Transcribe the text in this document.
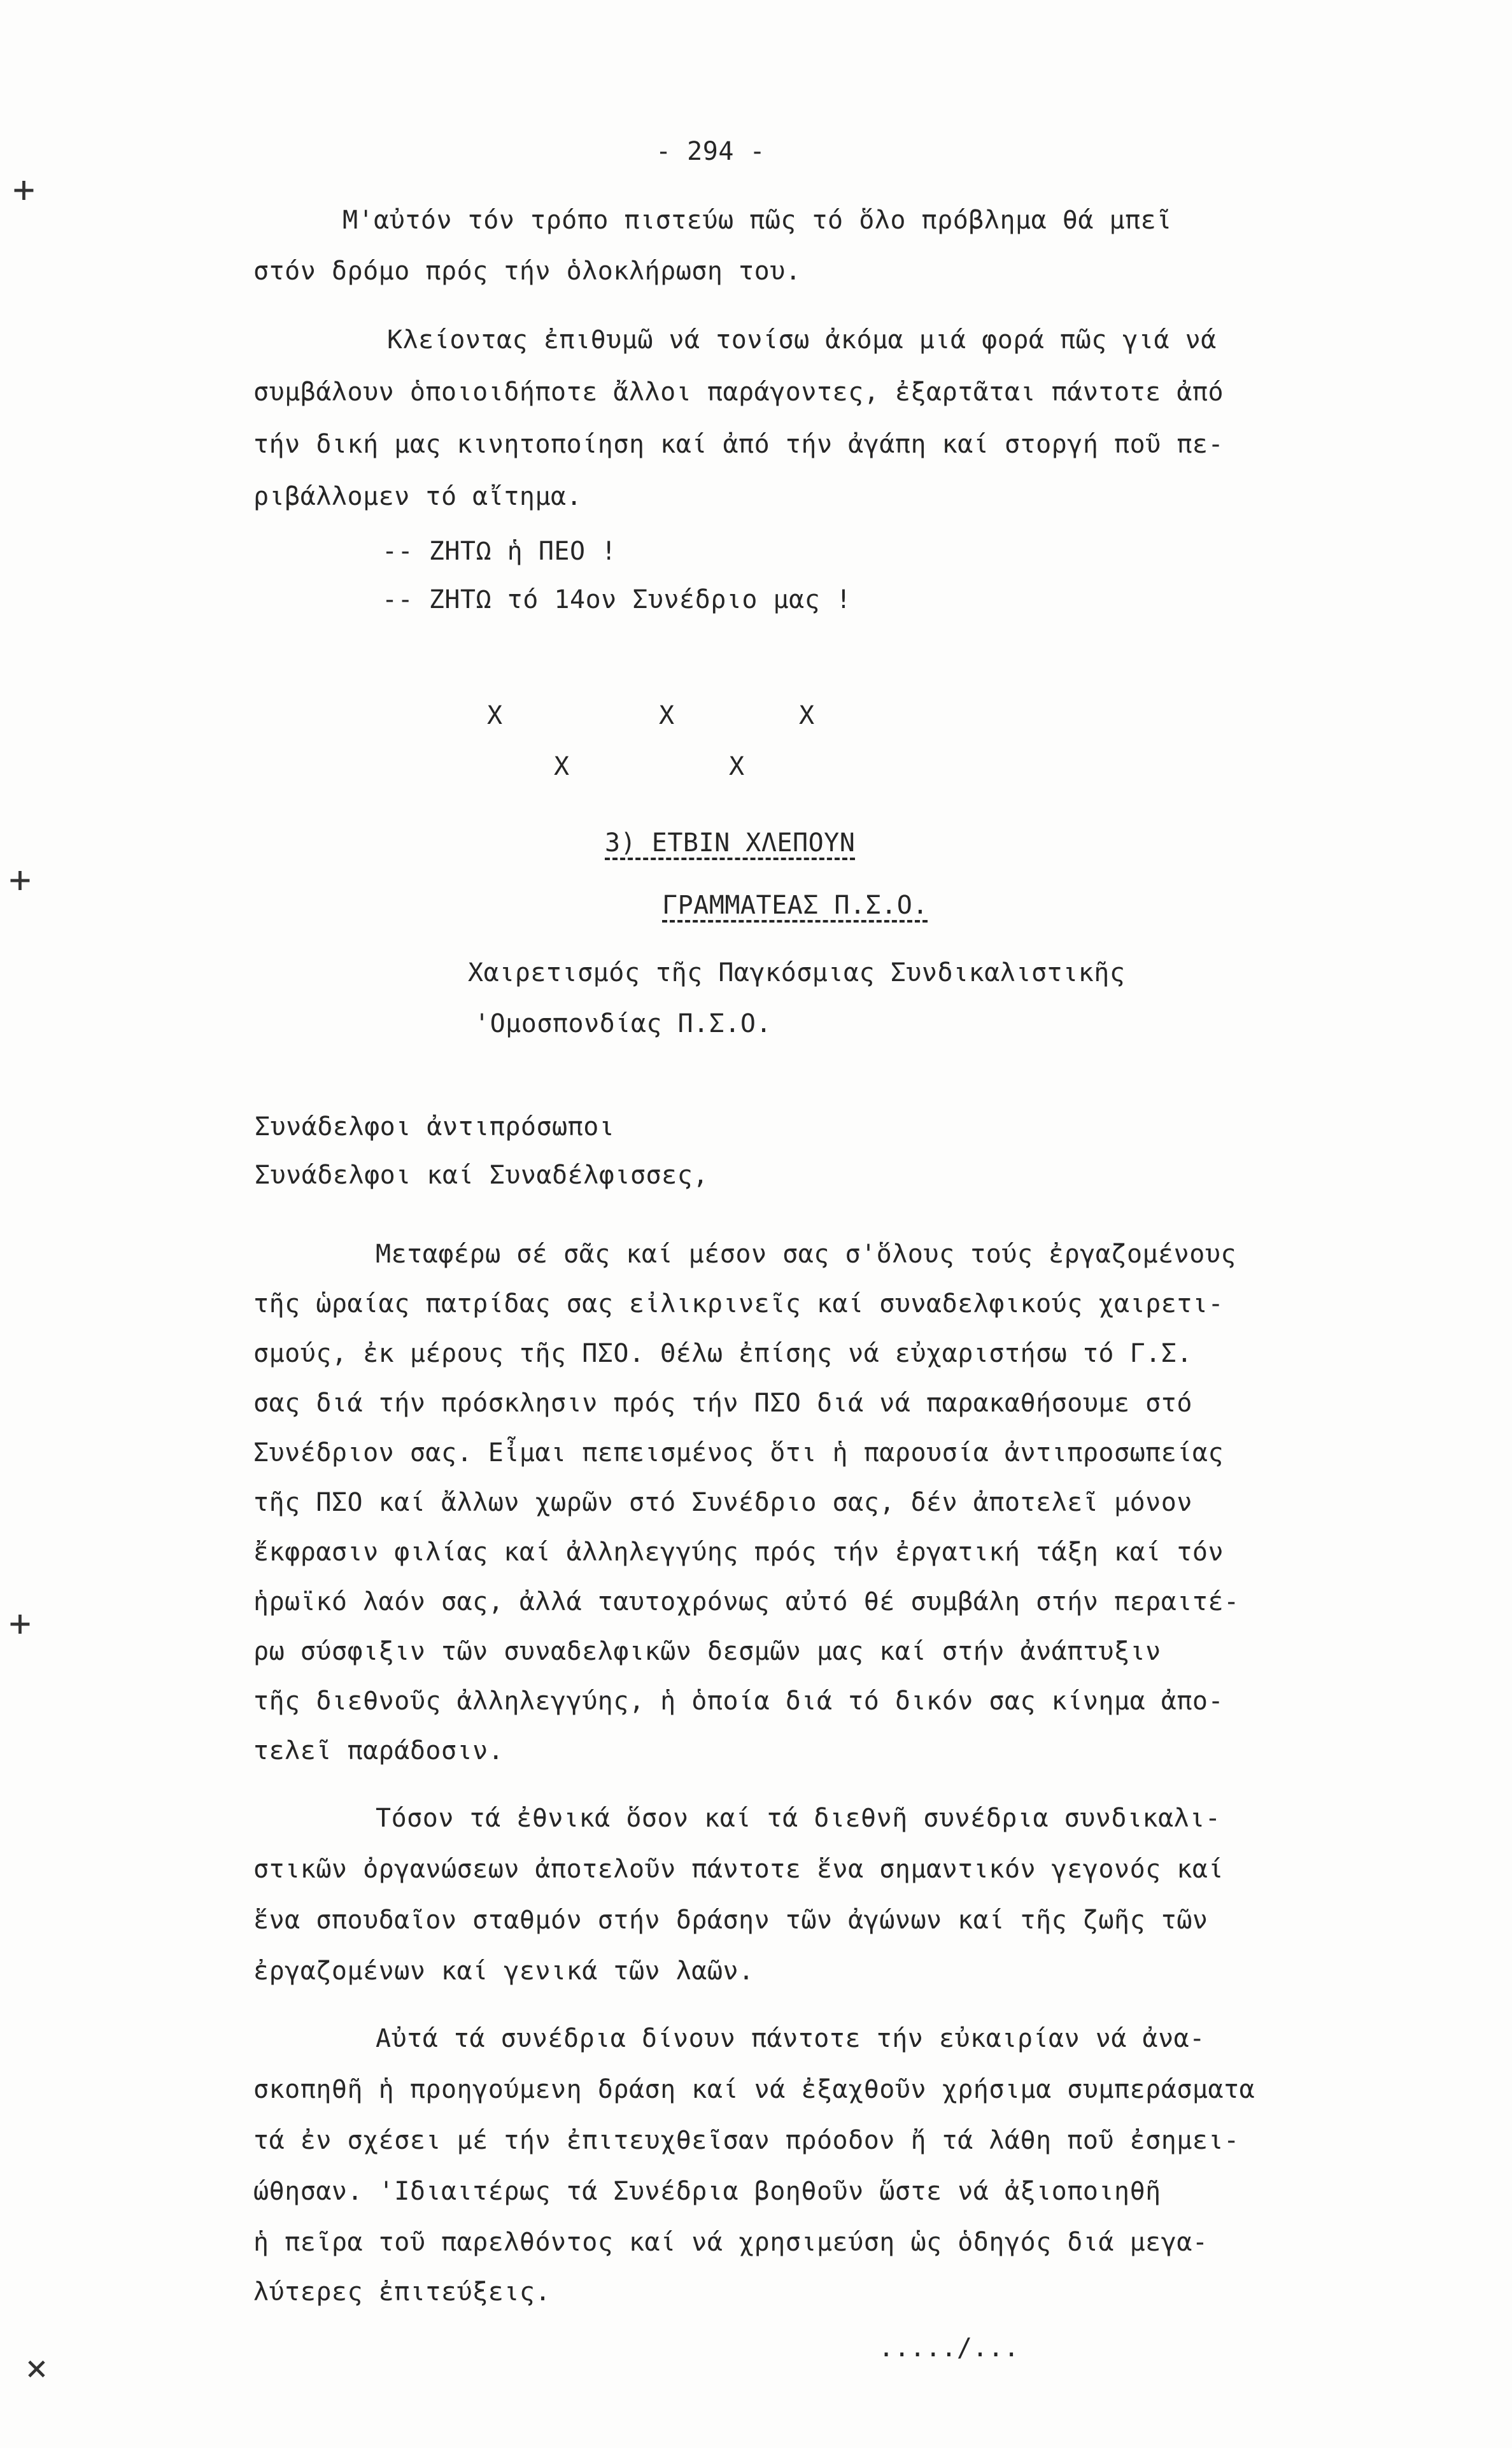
- 294 -
M'αὐτόν τόν τρόπο πιστεύω πῶς τό ὅλο πρόβλημα θά μπεῖ
στόν δρόμο πρός τήν ὁλοκλήρωση του.
Κλείοντας ἐπιθυμῶ νά τονίσω ἀκόμα μιά φορά πῶς γιά νά
συμβάλουν ὁποιοιδήποτε ἄλλοι παράγοντες, ἐξαρτᾶται πάντοτε ἀπό
τήν δική μας κινητοποίηση καί ἀπό τήν ἀγάπη καί στοργή ποῦ πε-
ριβάλλομεν τό αἴτημα.
-- ΖΗΤΩ ἡ ΠΕΟ !
-- ΖΗΤΩ τό 14ον Συνέδριο μας !
X	X	X
X	X
3) ΕΤΒΙΝ ΧΛΕΠΟΥΝ
ΓΡΑΜΜΑΤΕΑΣ Π.Σ.Ο.
Χαιρετισμός τῆς Παγκόσμιας Συνδικαλιστικῆς
'Ομοσπονδίας Π.Σ.Ο.
Συνάδελφοι ἀντιπρόσωποι
Συνάδελφοι καί Συναδέλφισσες,
Μεταφέρω σέ σᾶς καί μέσον σας σ'ὅλους τούς ἐργαζομένους
τῆς ὡραίας πατρίδας σας εἰλικρινεῖς καί συναδελφικούς χαιρετι-
σμούς, ἐκ μέρους τῆς ΠΣΟ. Θέλω ἐπίσης νά εὐχαριστήσω τό Γ.Σ.
σας διά τήν πρόσκλησιν πρός τήν ΠΣΟ διά νά παρακαθήσουμε στό
Συνέδριον σας. Εἶμαι πεπεισμένος ὅτι ἡ παρουσία ἀντιπροσωπείας
τῆς ΠΣΟ καί ἄλλων χωρῶν στό Συνέδριο σας, δέν ἀποτελεῖ μόνον
ἔκφρασιν φιλίας καί ἀλληλεγγύης πρός τήν ἐργατική τάξη καί τόν
ἡρωϊκό λαόν σας, ἀλλά ταυτοχρόνως αὐτό θέ συμβάλη στήν περαιτέ-
ρω σύσφιξιν τῶν συναδελφικῶν δεσμῶν μας καί στήν ἀνάπτυξιν
τῆς διεθνοῦς ἀλληλεγγύης, ἡ ὁποία διά τό δικόν σας κίνημα ἀπο-
τελεῖ παράδοσιν.
Τόσον τά ἐθνικά ὅσον καί τά διεθνῆ συνέδρια συνδικαλι-
στικῶν ὀργανώσεων ἀποτελοῦν πάντοτε ἕνα σημαντικόν γεγονός καί
ἕνα σπουδαῖον σταθμόν στήν δράσην τῶν ἀγώνων καί τῆς ζωῆς τῶν
ἐργαζομένων καί γενικά τῶν λαῶν.
Αὐτά τά συνέδρια δίνουν πάντοτε τήν εὐκαιρίαν νά ἀνα-
σκοπηθῆ ἡ προηγούμενη δράση καί νά ἐξαχθοῦν χρήσιμα συμπεράσματα
τά ἐν σχέσει μέ τήν ἐπιτευχθεῖσαν πρόοδον ἤ τά λάθη ποῦ ἐσημει-
ώθησαν. 'Ιδιαιτέρως τά Συνέδρια βοηθοῦν ὥστε νά ἀξιοποιηθῆ
ἡ πεῖρα τοῦ παρελθόντος καί νά χρησιμεύση ὡς ὁδηγός διά μεγα-
λύτερες ἐπιτεύξεις.
...../...
+
+
+
×
